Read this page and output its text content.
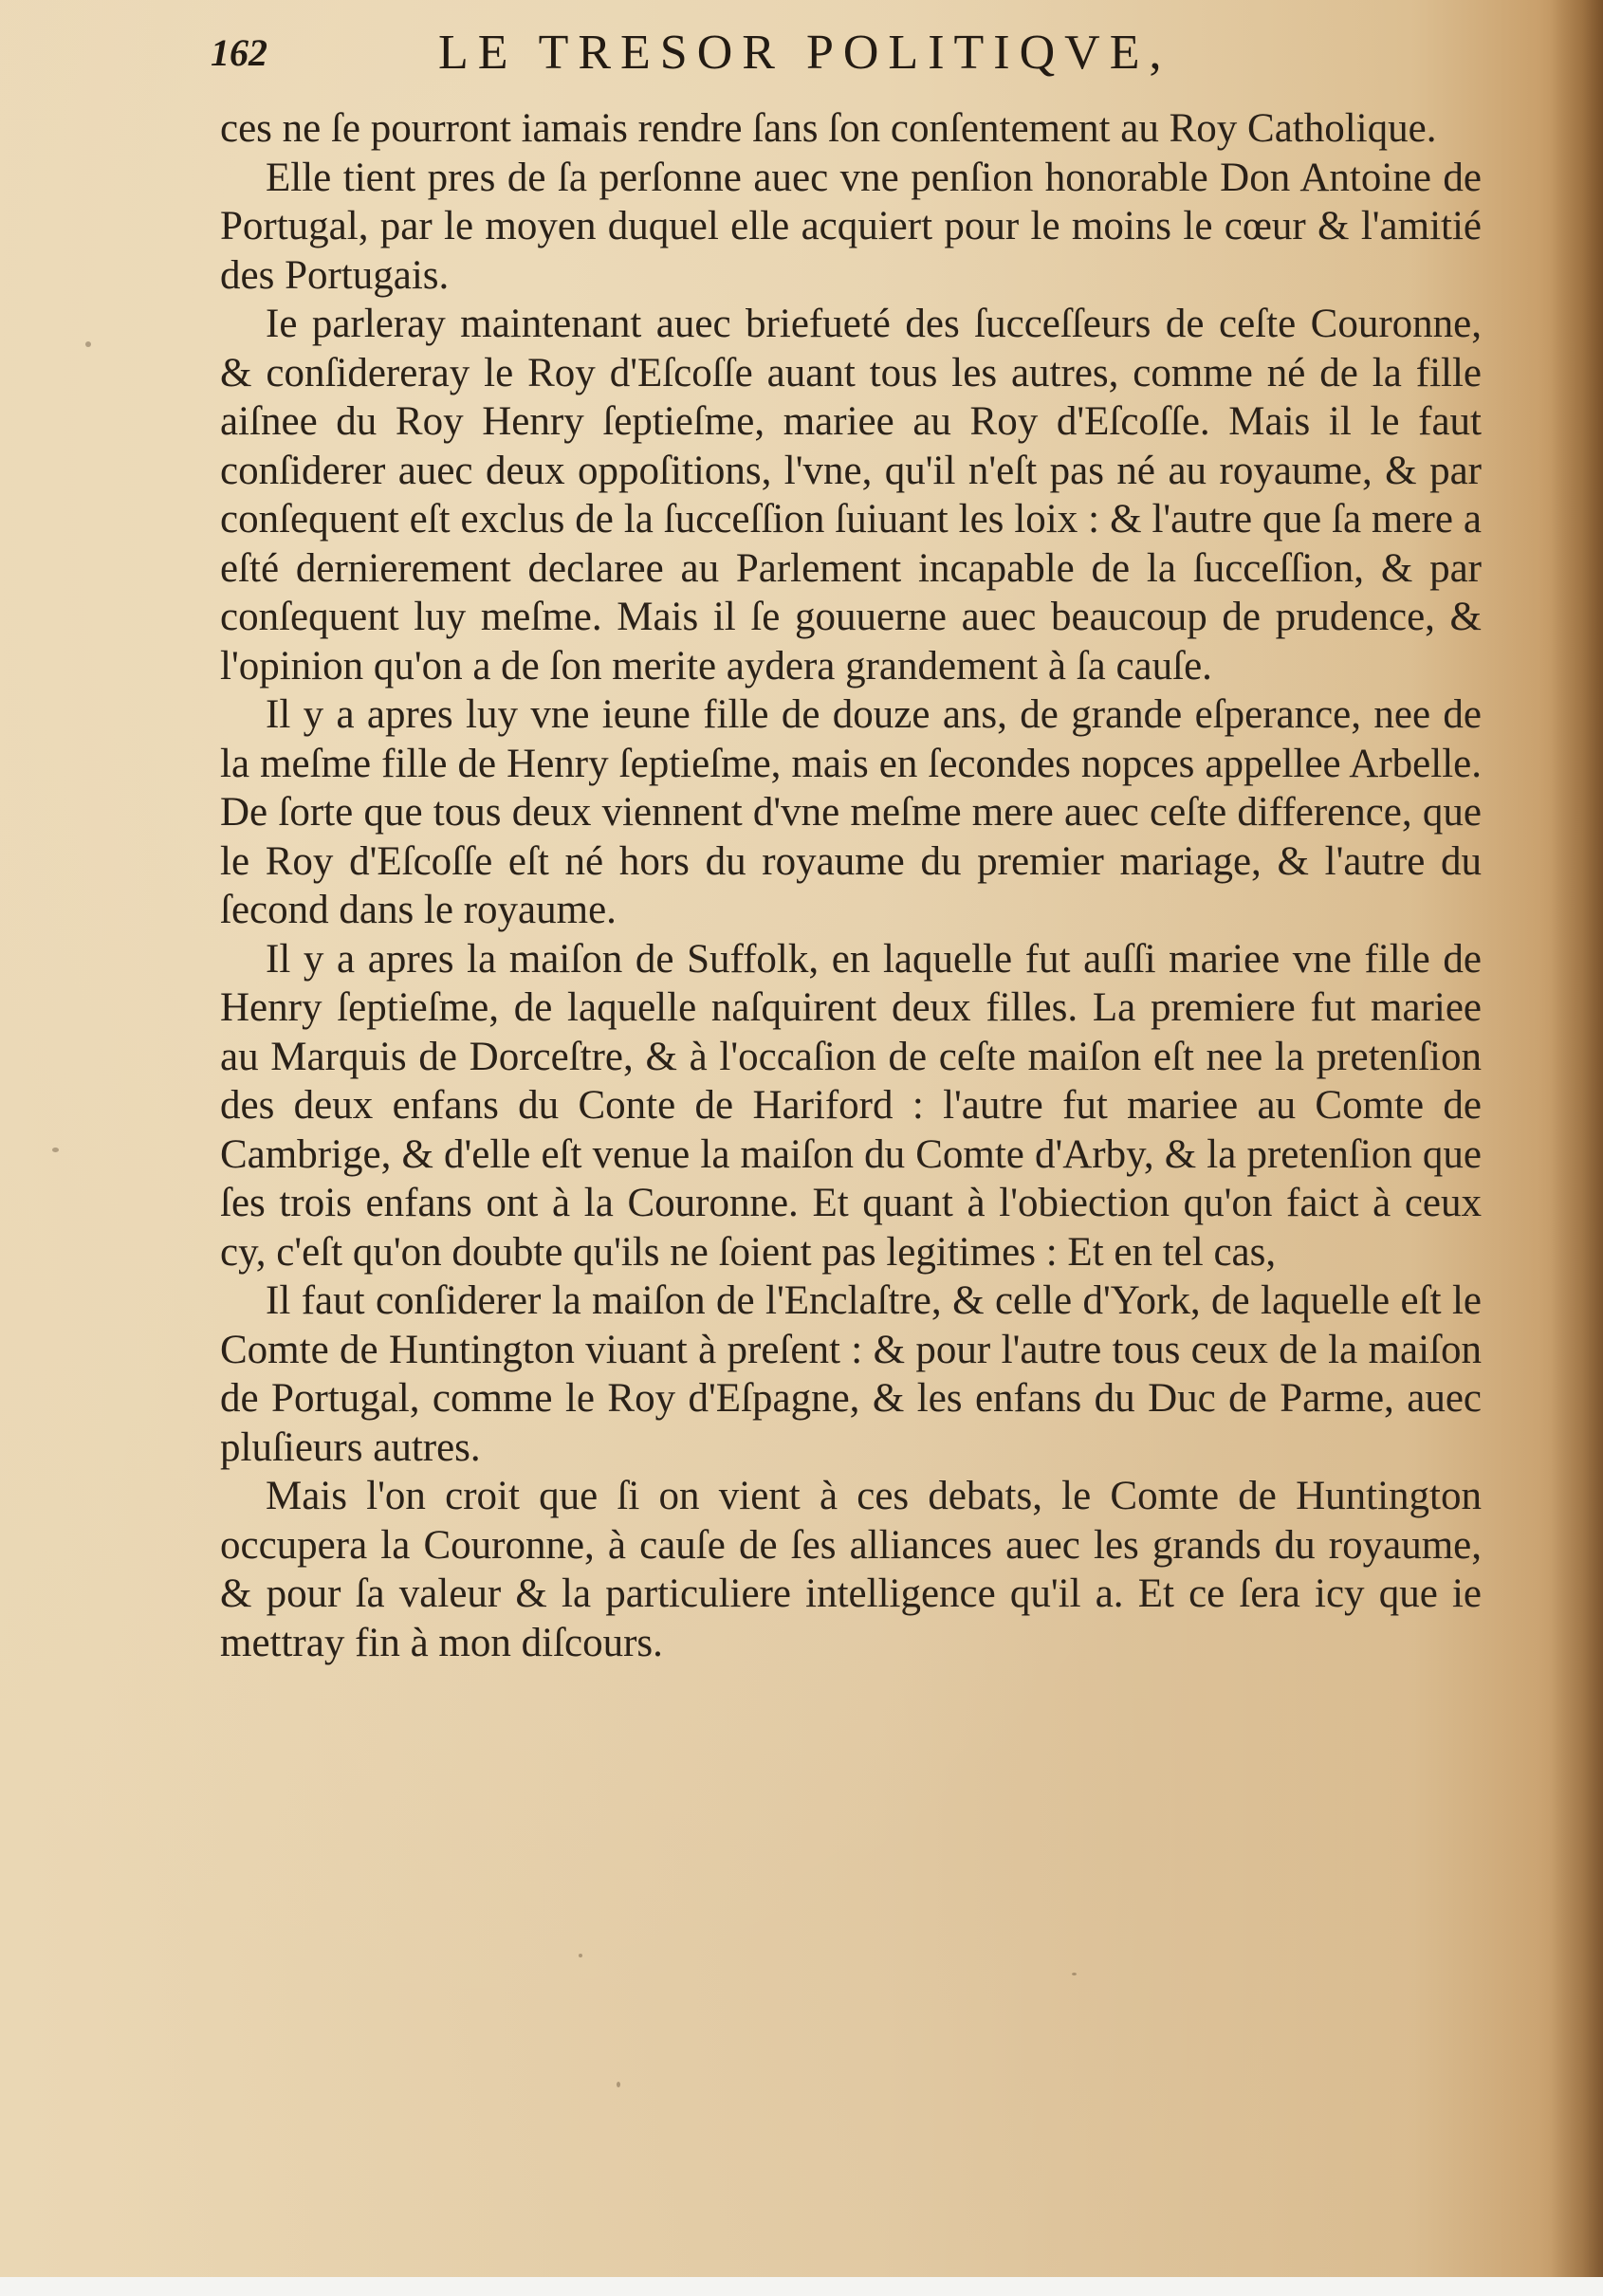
162	LE TRESOR POLITIQVE,

ces ne ſe pourront iamais rendre ſans ſon conſentement au Roy Catholique.

Elle tient pres de ſa perſonne auec vne penſion honorable Don Antoine de Portugal, par le moyen duquel elle acquiert pour le moins le cœur & l'amitié des Portugais.

Ie parleray maintenant auec briefueté des ſucceſſeurs de ceſte Couronne, & conſidereray le Roy d'Eſcoſſe auant tous les autres, comme né de la fille aiſnee du Roy Henry ſeptieſme, mariee au Roy d'Eſcoſſe. Mais il le faut conſiderer auec deux oppoſitions, l'vne, qu'il n'eſt pas né au royaume, & par conſequent eſt exclus de la ſucceſſion ſuiuant les loix : & l'autre que ſa mere a eſté dernierement declaree au Parlement incapable de la ſucceſſion, & par conſequent luy meſme. Mais il ſe gouuerne auec beaucoup de prudence, & l'opinion qu'on a de ſon merite aydera grandement à ſa cauſe.

Il y a apres luy vne ieune fille de douze ans, de grande eſperance, nee de la meſme fille de Henry ſeptieſme, mais en ſecondes nopces appellee Arbelle. De ſorte que tous deux viennent d'vne meſme mere auec ceſte difference, que le Roy d'Eſcoſſe eſt né hors du royaume du premier mariage, & l'autre du ſecond dans le royaume.

Il y a apres la maiſon de Suffolk, en laquelle fut auſſi mariee vne fille de Henry ſeptieſme, de laquelle naſquirent deux filles. La premiere fut mariee au Marquis de Dorceſtre, & à l'occaſion de ceſte maiſon eſt nee la pretenſion des deux enfans du Conte de Hariford : l'autre fut mariee au Comte de Cambrige, & d'elle eſt venue la maiſon du Comte d'Arby, & la pretenſion que ſes trois enfans ont à la Couronne. Et quant à l'obiection qu'on faict à ceux cy, c'eſt qu'on doubte qu'ils ne ſoient pas legitimes : Et en tel cas,

Il faut conſiderer la maiſon de l'Enclaſtre, & celle d'York, de laquelle eſt le Comte de Huntington viuant à preſent : & pour l'autre tous ceux de la maiſon de Portugal, comme le Roy d'Eſpagne, & les enfans du Duc de Parme, auec pluſieurs autres.

Mais l'on croit que ſi on vient à ces debats, le Comte de Huntington occupera la Couronne, à cauſe de ſes alliances auec les grands du royaume, & pour ſa valeur & la particuliere intelligence qu'il a. Et ce ſera icy que ie mettray fin à mon diſcours.
